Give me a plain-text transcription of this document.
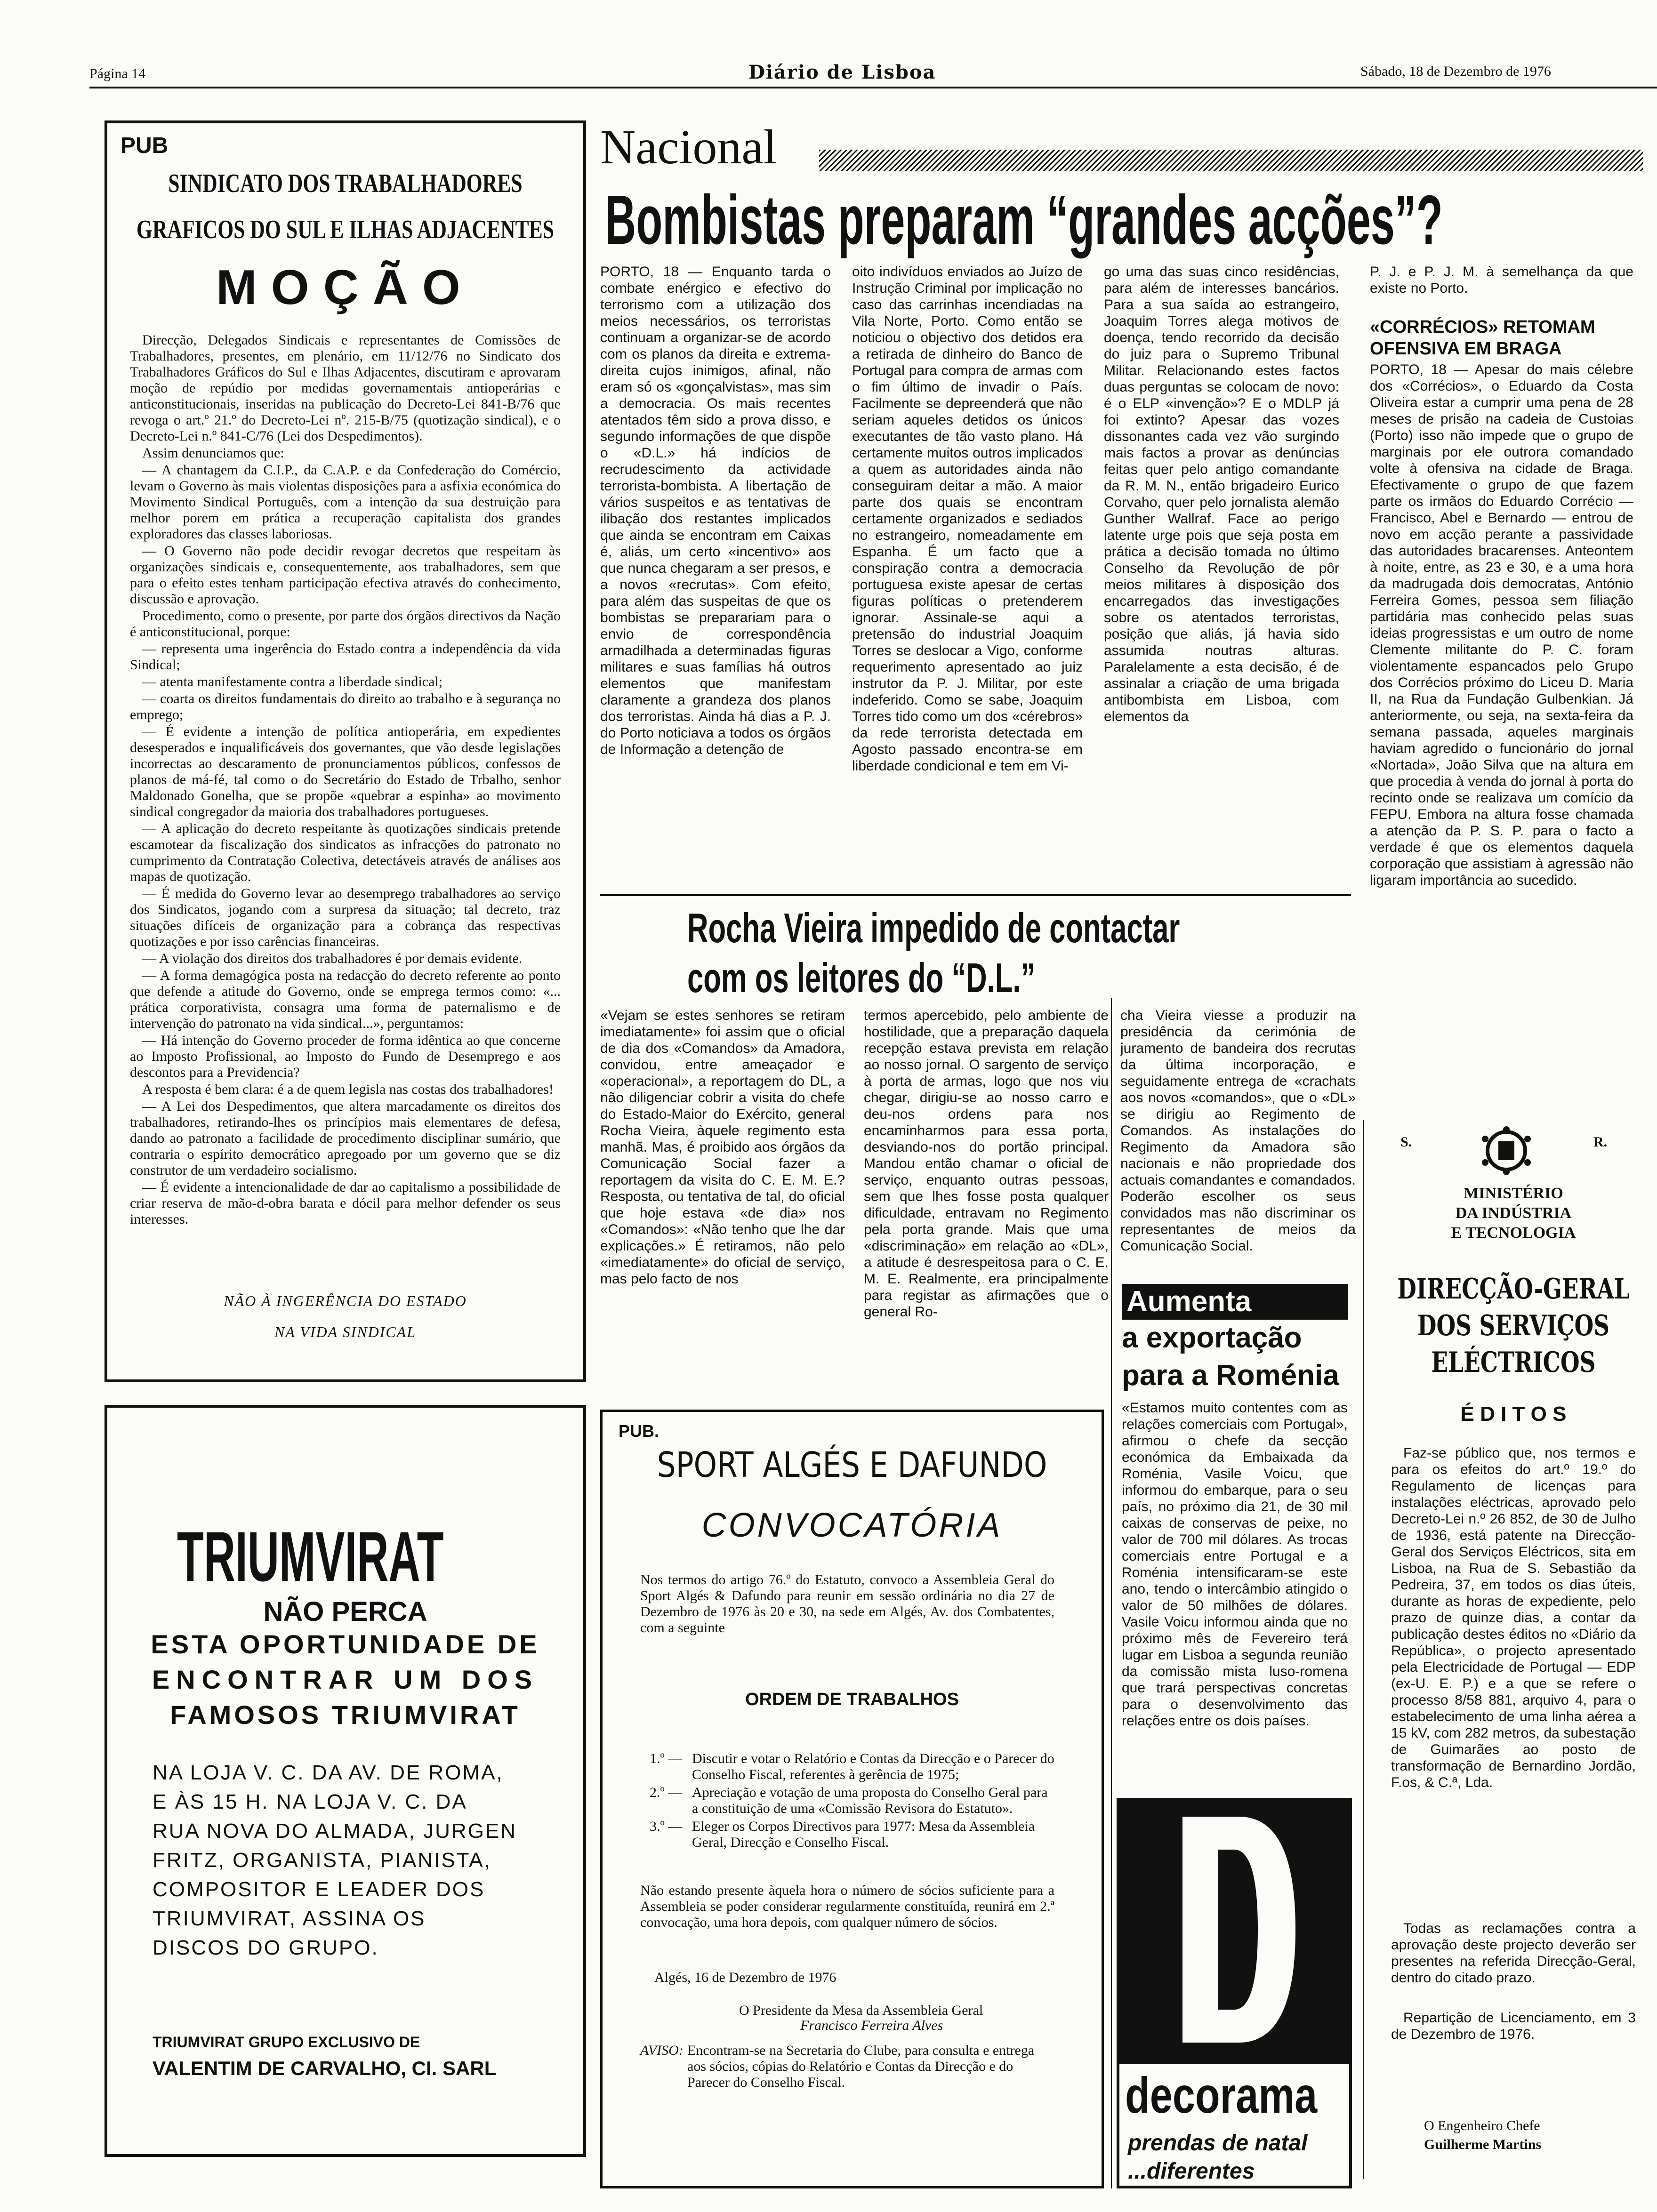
Página 14	Diário de Lisboa	Sábado, 18 de Dezembro de 1976
PUB
SINDICATO DOS TRABALHADORES
GRAFICOS DO SUL E ILHAS ADJACENTES
MOÇÃO

Direcção, Delegados Sindicais e representantes de Comissões de Trabalhadores, presentes, em plenário, em 11/12/76 no Sindicato dos Trabalhadores Gráficos do Sul e Ilhas Adjacentes, discutiram e aprovaram moção de repúdio por medidas governamentais antioperárias e anticonstitucionais, inseridas na publicação do Decreto-Lei 841-B/76 que revoga o art.º 21.º do Decreto-Lei nº. 215-B/75 (quotização sindical), e o Decreto-Lei n.º 841-C/76 (Lei dos Despedimentos).

Assim denunciamos que:

— A chantagem da C.I.P., da C.A.P. e da Confederação do Comércio, levam o Governo às mais violentas disposições para a asfixia económica do Movimento Sindical Português, com a intenção da sua destruição para melhor porem em prática a recuperação capitalista dos grandes exploradores das classes laboriosas.

— O Governo não pode decidir revogar decretos que respeitam às organizações sindicais e, consequentemente, aos trabalhadores, sem que para o efeito estes tenham participação efectiva através do conhecimento, discussão e aprovação.

Procedimento, como o presente, por parte dos órgãos directivos da Nação é anticonstitucional, porque:

— representa uma ingerência do Estado contra a independência da vida Sindical;

— atenta manifestamente contra a liberdade sindical;

— coarta os direitos fundamentais do direito ao trabalho e à segurança no emprego;

— É evidente a intenção de política antioperária, em expedientes desesperados e inqualificáveis dos governantes, que vão desde legislações incorrectas ao descaramento de pronunciamentos públicos, confessos de planos de má-fé, tal como o do Secretário do Estado de Trbalho, senhor Maldonado Gonelha, que se propõe «quebrar a espinha» ao movimento sindical congregador da maioria dos trabalhadores portugueses.

— A aplicação do decreto respeitante às quotizações sindicais pretende escamotear da fiscalização dos sindicatos as infracções do patronato no cumprimento da Contratação Colectiva, detectáveis através de análises aos mapas de quotização.

— É medida do Governo levar ao desemprego trabalhadores ao serviço dos Sindicatos, jogando com a surpresa da situação; tal decreto, traz situações difíceis de organização para a cobrança das respectivas quotizações e por isso carências financeiras.

— A violação dos direitos dos trabalhadores é por demais evidente.

— A forma demagógica posta na redacção do decreto referente ao ponto que defende a atitude do Governo, onde se emprega termos como: «... prática corporativista, consagra uma forma de paternalismo e de intervenção do patronato na vida sindical...», perguntamos:

— Há intenção do Governo proceder de forma idêntica ao que concerne ao Imposto Profissional, ao Imposto do Fundo de Desemprego e aos descontos para a Previdencia?

A resposta é bem clara: é a de quem legisla nas costas dos trabalhadores!

— A Lei dos Despedimentos, que altera marcadamente os direitos dos trabalhadores, retirando-lhes os princípios mais elementares de defesa, dando ao patronato a facilidade de procedimento disciplinar sumário, que contraria o espírito democrático apregoado por um governo que se diz construtor de um verdadeiro socialismo.

— É evidente a intencionalidade de dar ao capitalismo a possibilidade de criar reserva de mão-d-obra barata e dócil para melhor defender os seus interesses.

NÃO À INGERÊNCIA DO ESTADO
NA VIDA SINDICAL
TRIUMVIRAT
NÃO PERCA
ESTA OPORTUNIDADE DE
ENCONTRAR UM DOS
FAMOSOS TRIUMVIRAT
NA LOJA V. C. DA AV. DE ROMA,
E ÀS 15 H. NA LOJA V. C. DA
RUA NOVA DO ALMADA, JURGEN
FRITZ, ORGANISTA, PIANISTA,
COMPOSITOR E LEADER DOS
TRIUMVIRAT, ASSINA OS
DISCOS DO GRUPO.
TRIUMVIRAT GRUPO EXCLUSIVO DE
VALENTIM DE CARVALHO, CI. SARL
Nacional
Bombistas preparam “grandes acções”?
PORTO, 18 — Enquanto tarda o combate enérgico e efectivo do terrorismo com a utilização dos meios necessários, os terroristas continuam a organizar-se de acordo com os planos da direita e extrema-direita cujos inimigos, afinal, não eram só os «gonçalvistas», mas sim a democracia. Os mais recentes atentados têm sido a prova disso, e segundo informações de que dispõe o «D.L.» há indícios de recrudescimento da actividade terrorista-bombista. A libertação de vários suspeitos e as tentativas de ilibação dos restantes implicados que ainda se encontram em Caixas é, aliás, um certo «incentivo» aos que nunca chegaram a ser presos, e a novos «recrutas». Com efeito, para além das suspeitas de que os bombistas se preparariam para o envio de correspondência armadilhada a determinadas figuras militares e suas famílias há outros elementos que manifestam claramente a grandeza dos planos dos terroristas. Ainda há dias a P. J. do Porto noticiava a todos os órgãos de Informação a detenção de
oito indivíduos enviados ao Juízo de Instrução Criminal por implicação no caso das carrinhas incendiadas na Vila Norte, Porto. Como então se noticiou o objectivo dos detidos era a retirada de dinheiro do Banco de Portugal para compra de armas com o fim último de invadir o País. Facilmente se depreenderá que não seriam aqueles detidos os únicos executantes de tão vasto plano. Há certamente muitos outros implicados a quem as autoridades ainda não conseguiram deitar a mão. A maior parte dos quais se encontram certamente organizados e sediados no estrangeiro, nomeadamente em Espanha. É um facto que a conspiração contra a democracia portuguesa existe apesar de certas figuras políticas o pretenderem ignorar. Assinale-se aqui a pretensão do industrial Joaquim Torres se deslocar a Vigo, conforme requerimento apresentado ao juiz instrutor da P. J. Militar, por este indeferido. Como se sabe, Joaquim Torres tido como um dos «cérebros» da rede terrorista detectada em Agosto passado encontra-se em liberdade condicional e tem em Vi-
go uma das suas cinco residências, para além de interesses bancários. Para a sua saída ao estrangeiro, Joaquim Torres alega motivos de doença, tendo recorrido da decisão do juiz para o Supremo Tribunal Militar. Relacionando estes factos duas perguntas se colocam de novo: é o ELP «invenção»? E o MDLP já foi extinto? Apesar das vozes dissonantes cada vez vão surgindo mais factos a provar as denúncias feitas quer pelo antigo comandante da R. M. N., então brigadeiro Eurico Corvaho, quer pelo jornalista alemão Gunther Wallraf. Face ao perigo latente urge pois que seja posta em prática a decisão tomada no último Conselho da Revolução de pôr meios militares à disposição dos encarregados das investigações sobre os atentados terroristas, posição que aliás, já havia sido assumida noutras alturas. Paralelamente a esta decisão, é de assinalar a criação de uma brigada antibombista em Lisboa, com elementos da
P. J. e P. J. M. à semelhança da que existe no Porto.
«CORRÉCIOS» RETOMAM OFENSIVA EM BRAGA
PORTO, 18 — Apesar do mais célebre dos «Corrécios», o Eduardo da Costa Oliveira estar a cumprir uma pena de 28 meses de prisão na cadeia de Custoias (Porto) isso não impede que o grupo de marginais por ele outrora comandado volte à ofensiva na cidade de Braga. Efectivamente o grupo de que fazem parte os irmãos do Eduardo Corrécio — Francisco, Abel e Bernardo — entrou de novo em acção perante a passividade das autoridades bracarenses. Anteontem à noite, entre, as 23 e 30, e a uma hora da madrugada dois democratas, António Ferreira Gomes, pessoa sem filiação partidária mas conhecido pelas suas ideias progressistas e um outro de nome Clemente militante do P. C. foram violentamente espancados pelo Grupo dos Corrécios próximo do Liceu D. Maria II, na Rua da Fundação Gulbenkian. Já anteriormente, ou seja, na sexta-feira da semana passada, aqueles marginais haviam agredido o funcionário do jornal «Nortada», João Silva que na altura em que procedia à venda do jornal à porta do recinto onde se realizava um comício da FEPU. Embora na altura fosse chamada a atenção da P. S. P. para o facto a verdade é que os elementos daquela corporação que assistiam à agressão não ligaram importância ao sucedido.
Rocha Vieira impedido de contactar
com os leitores do “D.L.”
«Vejam se estes senhores se retiram imediatamente» foi assim que o oficial de dia dos «Comandos» da Amadora, convidou, entre ameaçador e «operacional», a reportagem do DL, a não diligenciar cobrir a visita do chefe do Estado-Maior do Exército, general Rocha Vieira, àquele regimento esta manhã. Mas, é proibido aos órgãos da Comunicação Social fazer a reportagem da visita do C. E. M. E.? Resposta, ou tentativa de tal, do oficial que hoje estava «de dia» nos «Comandos»: «Não tenho que lhe dar explicações.» É retiramos, não pelo «imediatamente» do oficial de serviço, mas pelo facto de nos
termos apercebido, pelo ambiente de hostilidade, que a preparação daquela recepção estava prevista em relação ao nosso jornal. O sargento de serviço à porta de armas, logo que nos viu chegar, dirigiu-se ao nosso carro e deu-nos ordens para nos encaminharmos para essa porta, desviando-nos do portão principal. Mandou então chamar o oficial de serviço, enquanto outras pessoas, sem que lhes fosse posta qualquer dificuldade, entravam no Regimento pela porta grande. Mais que uma «discriminação» em relação ao «DL», a atitude é desrespeitosa para o C. E. M. E. Realmente, era principalmente para registar as afirmações que o general Ro-
cha Vieira viesse a produzir na presidência da cerimónia de juramento de bandeira dos recrutas da última incorporação, e seguidamente entrega de «crachats aos novos «comandos», que o «DL» se dirigiu ao Regimento de Comandos. As instalações do Regimento da Amadora são nacionais e não propriedade dos actuais comandantes e comandados. Poderão escolher os seus convidados mas não discriminar os representantes de meios da Comunicação Social.
Aumenta
a exportação
para a Roménia
«Estamos muito contentes com as relações comerciais com Portugal», afirmou o chefe da secção económica da Embaixada da Roménia, Vasile Voicu, que informou do embarque, para o seu país, no próximo dia 21, de 30 mil caixas de conservas de peixe, no valor de 700 mil dólares. As trocas comerciais entre Portugal e a Roménia intensificaram-se este ano, tendo o intercâmbio atingido o valor de 50 milhões de dólares. Vasile Voicu informou ainda que no próximo mês de Fevereiro terá lugar em Lisboa a segunda reunião da comissão mista luso-romena que trará perspectivas concretas para o desenvolvimento das relações entre os dois países.
PUB.
SPORT ALGÉS E DAFUNDO
CONVOCATÓRIA
Nos termos do artigo 76.º do Estatuto, convoco a Assembleia Geral do Sport Algés & Dafundo para reunir em sessão ordinária no dia 27 de Dezembro de 1976 às 20 e 30, na sede em Algés, Av. dos Combatentes, com a seguinte
ORDEM DE TRABALHOS
1.º — Discutir e votar o Relatório e Contas da Direcção e o Parecer do Conselho Fiscal, referentes à gerência de 1975;
2.º — Apreciação e votação de uma proposta do Conselho Geral para a constituição de uma «Comissão Revisora do Estatuto».
3.º — Eleger os Corpos Directivos para 1977: Mesa da Assembleia Geral, Direcção e Conselho Fiscal.
Não estando presente àquela hora o número de sócios suficiente para a Assembleia se poder considerar regularmente constituída, reunirá em 2.ª convocação, uma hora depois, com qualquer número de sócios.
Algés, 16 de Dezembro de 1976
O Presidente da Mesa da Assembleia Geral
Francisco Ferreira Alves
AVISO: Encontram-se na Secretaria do Clube, para consulta e entrega aos sócios, cópias do Relatório e Contas da Direcção e do Parecer do Conselho Fiscal.	decorama
prendas de natal
...diferentes
S.	R.
MINISTÉRIO
DA INDÚSTRIA
E TECNOLOGIA
DIRECÇÃO-GERAL
DOS SERVIÇOS
ELÉCTRICOS
É D I T O S
Faz-se público que, nos termos e para os efeitos do art.º 19.º do Regulamento de licenças para instalações eléctricas, aprovado pelo Decreto-Lei n.º 26 852, de 30 de Julho de 1936, está patente na Direcção-Geral dos Serviços Eléctricos, sita em Lisboa, na Rua de S. Sebastião da Pedreira, 37, em todos os dias úteis, durante as horas de expediente, pelo prazo de quinze dias, a contar da publicação destes éditos no «Diário da República», o projecto apresentado pela Electricidade de Portugal — EDP (ex-U. E. P.) e a que se refere o processo 8/58 881, arquivo 4, para o estabelecimento de uma linha aérea a 15 kV, com 282 metros, da subestação de Guimarães ao posto de transformação de Bernardino Jordão, F.os, & C.ª, Lda.
Todas as reclamações contra a aprovação deste projecto deverão ser presentes na referida Direcção-Geral, dentro do citado prazo.
Repartição de Licenciamento, em 3 de Dezembro de 1976.
O Engenheiro Chefe
Guilherme Martins
